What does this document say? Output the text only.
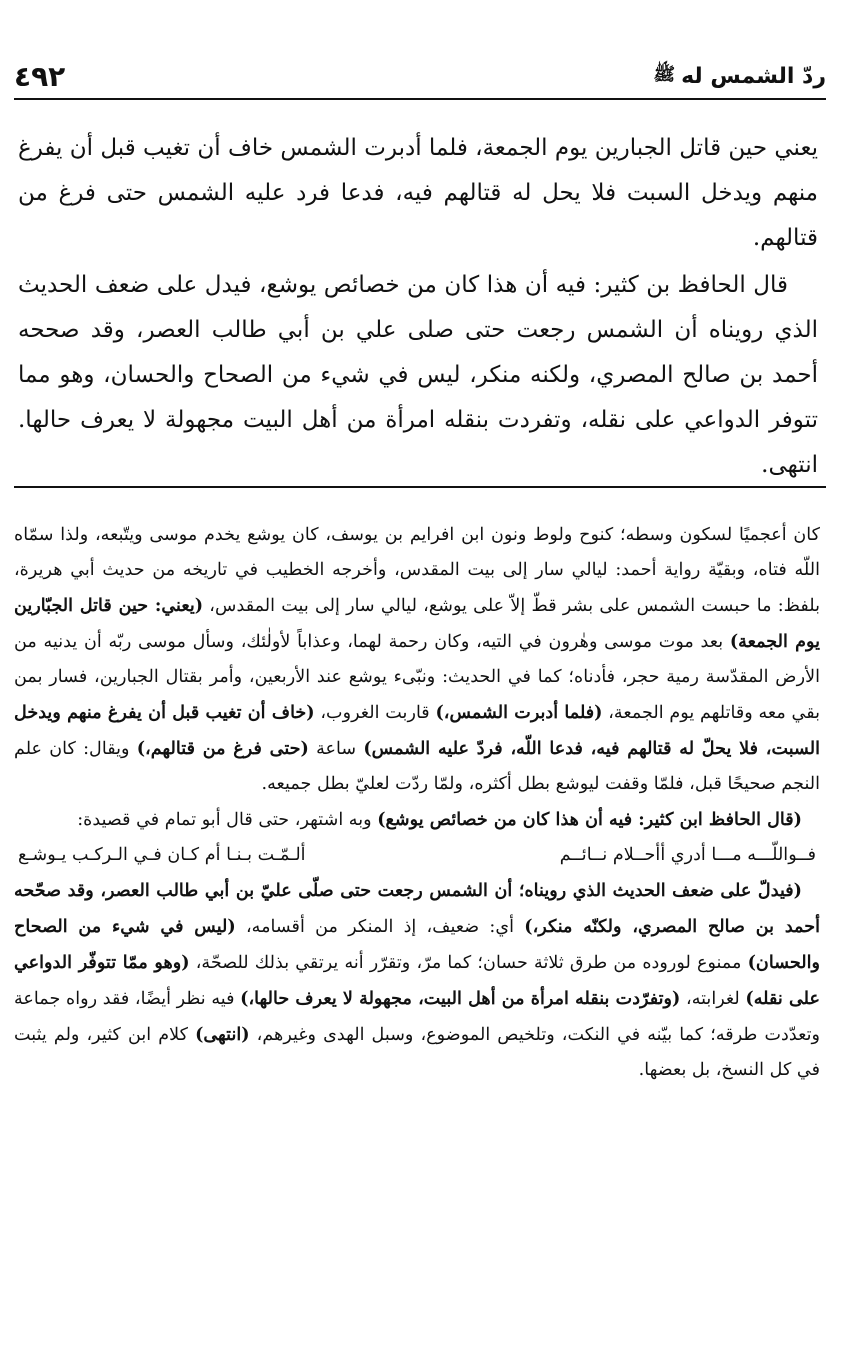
ردّ الشمس له
ﷺ
٤٩٢

يعني حين قاتل الجبارين يوم الجمعة، فلما أدبرت الشمس خاف أن تغيب قبل أن يفرغ منهم ويدخل السبت فلا يحل له قتالهم فيه، فدعا فرد عليه الشمس حتى فرغ من قتالهم.

قال الحافظ بن كثير: فيه أن هذا كان من خصائص يوشع، فيدل على ضعف الحديث الذي رويناه أن الشمس رجعت حتى صلى علي بن أبي طالب العصر، وقد صححه أحمد بن صالح المصري، ولكنه منكر، ليس في شيء من الصحاح والحسان، وهو مما تتوفر الدواعي على نقله، وتفردت بنقله امرأة من أهل البيت مجهولة لا يعرف حالها. انتهى.

كان أعجميًا لسكون وسطه؛ كنوح ولوط ونون ابن افرايم بن يوسف، كان يوشع يخدم موسى ويتّبعه، ولذا سمّاه اللّه فتاه، وبقيّة رواية أحمد: ليالي سار إلى بيت المقدس، وأخرجه الخطيب في تاريخه من حديث أبي هريرة، بلفظ: ما حبست الشمس على بشر قطّ إلاّ على يوشع، ليالي سار إلى بيت المقدس، (يعني: حين قاتل الجبّارين يوم الجمعة) بعد موت موسى وهٰرون في التيه، وكان رحمة لهما، وعذاباً لأولٰئك، وسأل موسى ربّه أن يدنيه من الأرض المقدّسة رمية حجر، فأدناه؛ كما في الحديث: ونبّىء يوشع عند الأربعين، وأمر بقتال الجبارين، فسار بمن بقي معه وقاتلهم يوم الجمعة، (فلما أدبرت الشمس،) قاربت الغروب، (خاف أن تغيب قبل أن يفرغ منهم ويدخل السبت، فلا يحلّ له قتالهم فيه، فدعا اللّه، فردّ عليه الشمس) ساعة (حتى فرغ من قتالهم،) ويقال: كان علم النجم صحيحًا قبل، فلمّا وقفت ليوشع بطل أكثره، ولمّا ردّت لعليّ بطل جميعه.

(قال الحافظ ابن كثير: فيه أن هذا كان من خصائص يوشع) وبه اشتهر، حتى قال أبو تمام في قصيدة:

فــواللّـــه مـــا أدري أأحــلام نــائــم
ألـمّـت بـنـا أم كـان فـي الـركـب يـوشـع

(فيدلّ على ضعف الحديث الذي رويناه؛ أن الشمس رجعت حتى صلّى عليّ بن أبي طالب العصر، وقد صحّحه أحمد بن صالح المصري، ولكنّه منكر،) أي: ضعيف، إذ المنكر من أقسامه، (ليس في شيء من الصحاح والحسان) ممنوع لوروده من طرق ثلاثة حسان؛ كما مرّ، وتقرّر أنه يرتقي بذلك للصحّة، (وهو ممّا تتوفّر الدواعي على نقله) لغرابته، (وتفرّدت بنقله امرأة من أهل البيت، مجهولة لا يعرف حالها،) فيه نظر أيضًا، فقد رواه جماعة وتعدّدت طرقه؛ كما بيّنه في النكت، وتلخيص الموضوع، وسبل الهدى وغيرهم، (انتهى) كلام ابن كثير، ولم يثبت في كل النسخ، بل بعضها.
